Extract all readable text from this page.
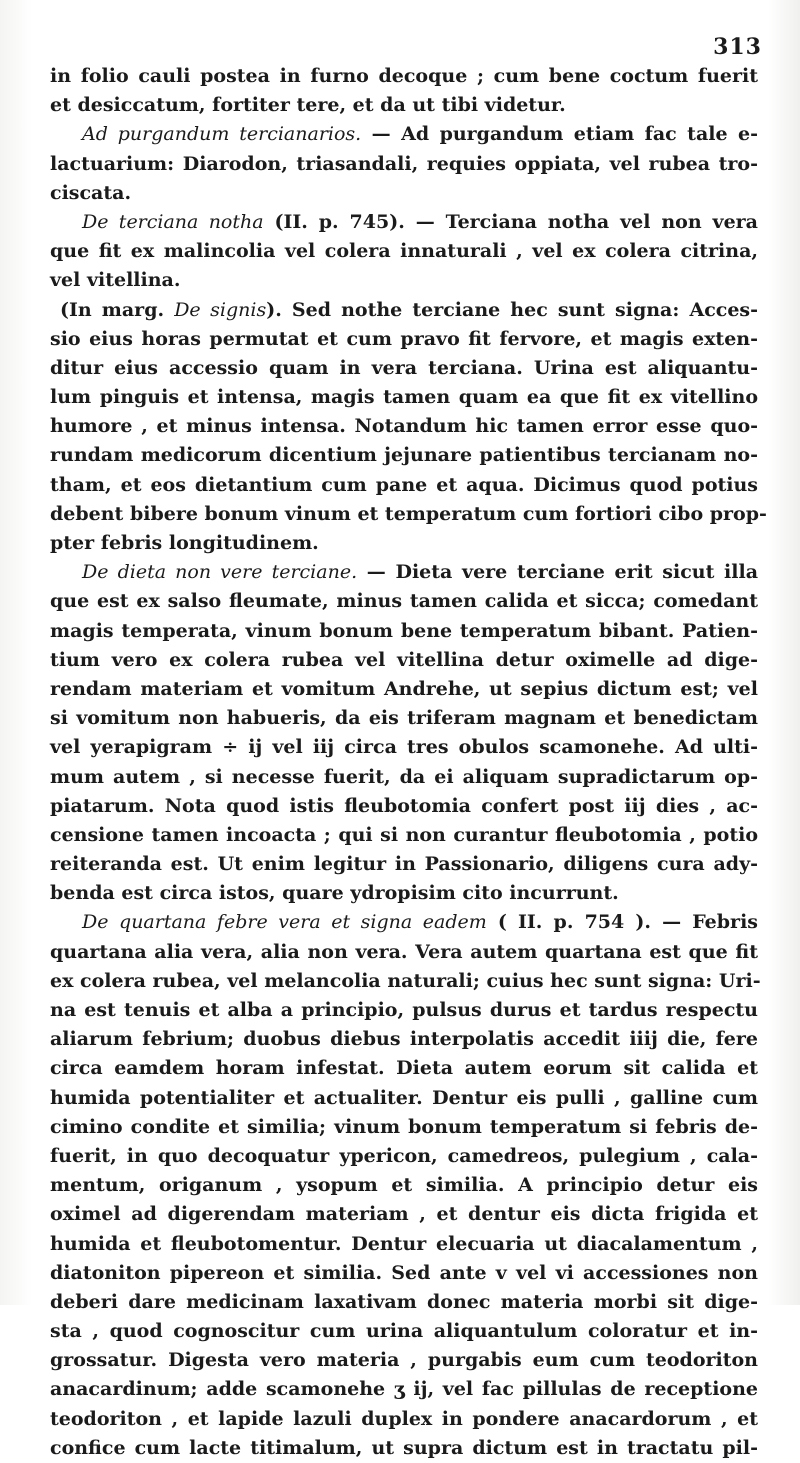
313
in folio cauli postea in furno decoque ; cum bene coctum fuerit
et desiccatum, fortiter tere, et da ut tibi videtur.
Ad purgandum tercianarios. — Ad purgandum etiam fac tale e-
lactuarium: Diarodon, triasandali, requies oppiata, vel rubea tro-
ciscata.
De terciana notha (II. p. 745). — Terciana notha vel non vera
que fit ex malincolia vel colera innaturali , vel ex colera citrina,
vel vitellina.
(In marg. De signis). Sed nothe terciane hec sunt signa: Acces-
sio eius horas permutat et cum pravo fit fervore, et magis exten-
ditur eius accessio quam in vera terciana. Urina est aliquantu-
lum pinguis et intensa, magis tamen quam ea que fit ex vitellino
humore , et minus intensa. Notandum hic tamen error esse quo-
rundam medicorum dicentium jejunare patientibus tercianam no-
tham, et eos dietantium cum pane et aqua. Dicimus quod potius
debent bibere bonum vinum et temperatum cum fortiori cibo prop-
pter febris longitudinem.
De dieta non vere terciane. — Dieta vere terciane erit sicut illa
que est ex salso fleumate, minus tamen calida et sicca; comedant
magis temperata, vinum bonum bene temperatum bibant. Patien-
tium vero ex colera rubea vel vitellina detur oximelle ad dige-
rendam materiam et vomitum Andrehe, ut sepius dictum est; vel
si vomitum non habueris, da eis triferam magnam et benedictam
vel yerapigram ÷ ij vel iij circa tres obulos scamonehe. Ad ulti-
mum autem , si necesse fuerit, da ei aliquam supradictarum op-
piatarum. Nota quod istis fleubotomia confert post iij dies , ac-
censione tamen incoacta ; qui si non curantur fleubotomia , potio
reiteranda est. Ut enim legitur in Passionario, diligens cura ady-
benda est circa istos, quare ydropisim cito incurrunt.
De quartana febre vera et signa eadem ( II. p. 754 ). — Febris
quartana alia vera, alia non vera. Vera autem quartana est que fit
ex colera rubea, vel melancolia naturali; cuius hec sunt signa: Uri-
na est tenuis et alba a principio, pulsus durus et tardus respectu
aliarum febrium; duobus diebus interpolatis accedit iiij die, fere
circa eamdem horam infestat. Dieta autem eorum sit calida et
humida potentialiter et actualiter. Dentur eis pulli , galline cum
cimino condite et similia; vinum bonum temperatum si febris de-
fuerit, in quo decoquatur ypericon, camedreos, pulegium , cala-
mentum, origanum , ysopum et similia. A principio detur eis
oximel ad digerendam materiam , et dentur eis dicta frigida et
humida et fleubotomentur. Dentur elecuaria ut diacalamentum ,
diatoniton pipereon et similia. Sed ante v vel vi accessiones non
deberi dare medicinam laxativam donec materia morbi sit dige-
sta , quod cognoscitur cum urina aliquantulum coloratur et in-
grossatur. Digesta vero materia , purgabis eum cum teodoriton
anacardinum; adde scamonehe ʒ ij, vel fac pillulas de receptione
teodoriton , et lapide lazuli duplex in pondere anacardorum , et
confice cum lacte titimalum, ut supra dictum est in tractatu pil-
